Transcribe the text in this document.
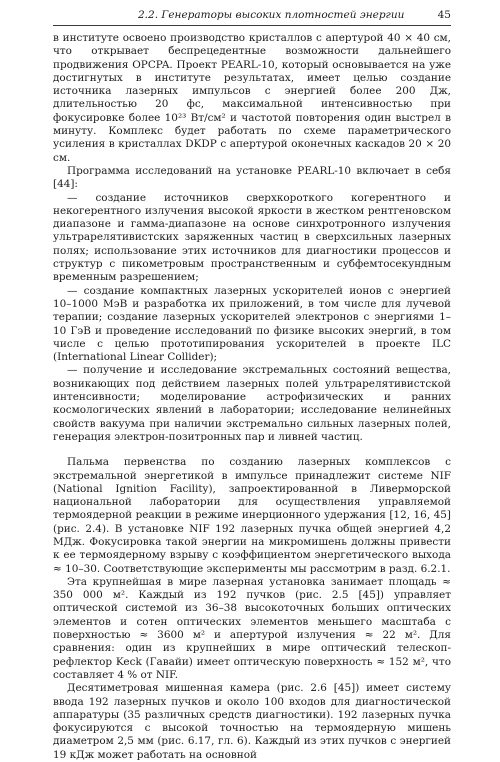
2.2. Генераторы высоких плотностей энергии	45

в институте освоено производство кристаллов с апертурой 40 × 40 см, что открывает беспрецедентные возможности дальнейшего продвижения OPCPA. Проект PEARL-10, который основывается на уже достигнутых в институте результатах, имеет целью создание источника лазерных импульсов с энергией более 200 Дж, длительностью 20 фс, максимальной интенсивностью при фокусировке более 10²³ Вт/см² и частотой повторения один выстрел в минуту. Комплекс будет работать по схеме параметрического усиления в кристаллах DKDP с апертурой оконечных каскадов 20 × 20 см.

Программа исследований на установке PEARL-10 включает в себя [44]:

— создание источников сверхкороткого когерентного и некогерентного излучения высокой яркости в жестком рентгеновском диапазоне и гамма-диапазоне на основе синхротронного излучения ультрарелятивистских заряженных частиц в сверхсильных лазерных полях; использование этих источников для диагностики процессов и структур с пикометровым пространственным и субфемтосекундным временным разрешением;

— создание компактных лазерных ускорителей ионов с энергией 10–1000 МэВ и разработка их приложений, в том числе для лучевой терапии; создание лазерных ускорителей электронов с энергиями 1–10 ГэВ и проведение исследований по физике высоких энергий, в том числе с целью прототипирования ускорителей в проекте ILC (International Linear Collider);

— получение и исследование экстремальных состояний вещества, возникающих под действием лазерных полей ультрарелятивистской интенсивности; моделирование астрофизических и ранних космологических явлений в лаборатории; исследование нелинейных свойств вакуума при наличии экстремально сильных лазерных полей, генерация электрон-позитронных пар и ливней частиц.

Пальма первенства по созданию лазерных комплексов с экстремальной энергетикой в импульсе принадлежит системе NIF (National Ignition Facility), запроектированной в Ливерморской национальной лаборатории для осуществления управляемой термоядерной реакции в режиме инерционного удержания [12, 16, 45] (рис. 2.4). В установке NIF 192 лазерных пучка общей энергией 4,2 МДж. Фокусировка такой энергии на микромишень должны привести к ее термоядерному взрыву с коэффициентом энергетического выхода ≈ 10–30. Соответствующие эксперименты мы рассмотрим в разд. 6.2.1.

Эта крупнейшая в мире лазерная установка занимает площадь ≈ 350 000 м². Каждый из 192 пучков (рис. 2.5 [45]) управляет оптической системой из 36–38 высокоточных больших оптических элементов и сотен оптических элементов меньшего масштаба с поверхностью ≈ 3600 м² и апертурой излучения ≈ 22 м². Для сравнения: один из крупнейших в мире оптический телескоп-рефлектор Keck (Гавайи) имеет оптическую поверхность ≈ 152 м², что составляет 4 % от NIF.

Десятиметровая мишенная камера (рис. 2.6 [45]) имеет систему ввода 192 лазерных пучков и около 100 входов для диагностической аппаратуры (35 различных средств диагностики). 192 лазерных пучка фокусируются с высокой точностью на термоядерную мишень диаметром 2,5 мм (рис. 6.17, гл. 6). Каждый из этих пучков с энергией 19 кДж может работать на основной
